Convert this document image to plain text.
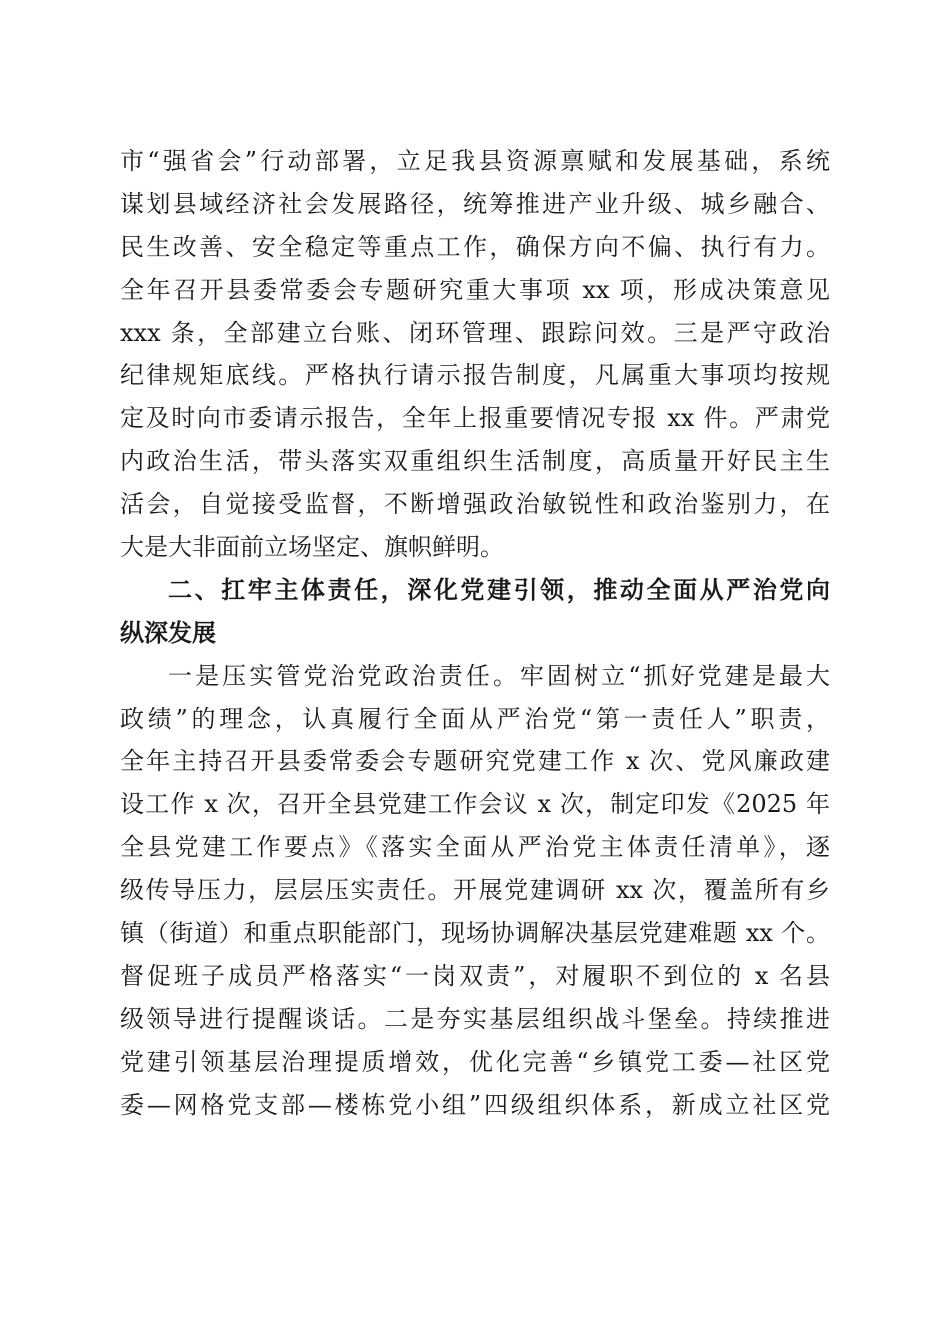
市“强省会”行动部署，立足我县资源禀赋和发展基础，系统
谋划县域经济社会发展路径，统筹推进产业升级、城乡融合、
民生改善、安全稳定等重点工作，确保方向不偏、执行有力。
全年召开县委常委会专题研究重大事项 xx 项，形成决策意见
xxx 条，全部建立台账、闭环管理、跟踪问效。三是严守政治
纪律规矩底线。严格执行请示报告制度，凡属重大事项均按规
定及时向市委请示报告，全年上报重要情况专报 xx 件。严肃党
内政治生活，带头落实双重组织生活制度，高质量开好民主生
活会，自觉接受监督，不断增强政治敏锐性和政治鉴别力，在
大是大非面前立场坚定、旗帜鲜明。
二、扛牢主体责任，深化党建引领，推动全面从严治党向
纵深发展
一是压实管党治党政治责任。牢固树立“抓好党建是最大
政绩”的理念，认真履行全面从严治党“第一责任人”职责，
全年主持召开县委常委会专题研究党建工作 x 次、党风廉政建
设工作 x 次，召开全县党建工作会议 x 次，制定印发《2025 年
全县党建工作要点》《落实全面从严治党主体责任清单》，逐
级传导压力，层层压实责任。开展党建调研 xx 次，覆盖所有乡
镇（街道）和重点职能部门，现场协调解决基层党建难题 xx 个。
督促班子成员严格落实“一岗双责”，对履职不到位的 x 名县
级领导进行提醒谈话。二是夯实基层组织战斗堡垒。持续推进
党建引领基层治理提质增效，优化完善“乡镇党工委—社区党
委—网格党支部—楼栋党小组”四级组织体系，新成立社区党
